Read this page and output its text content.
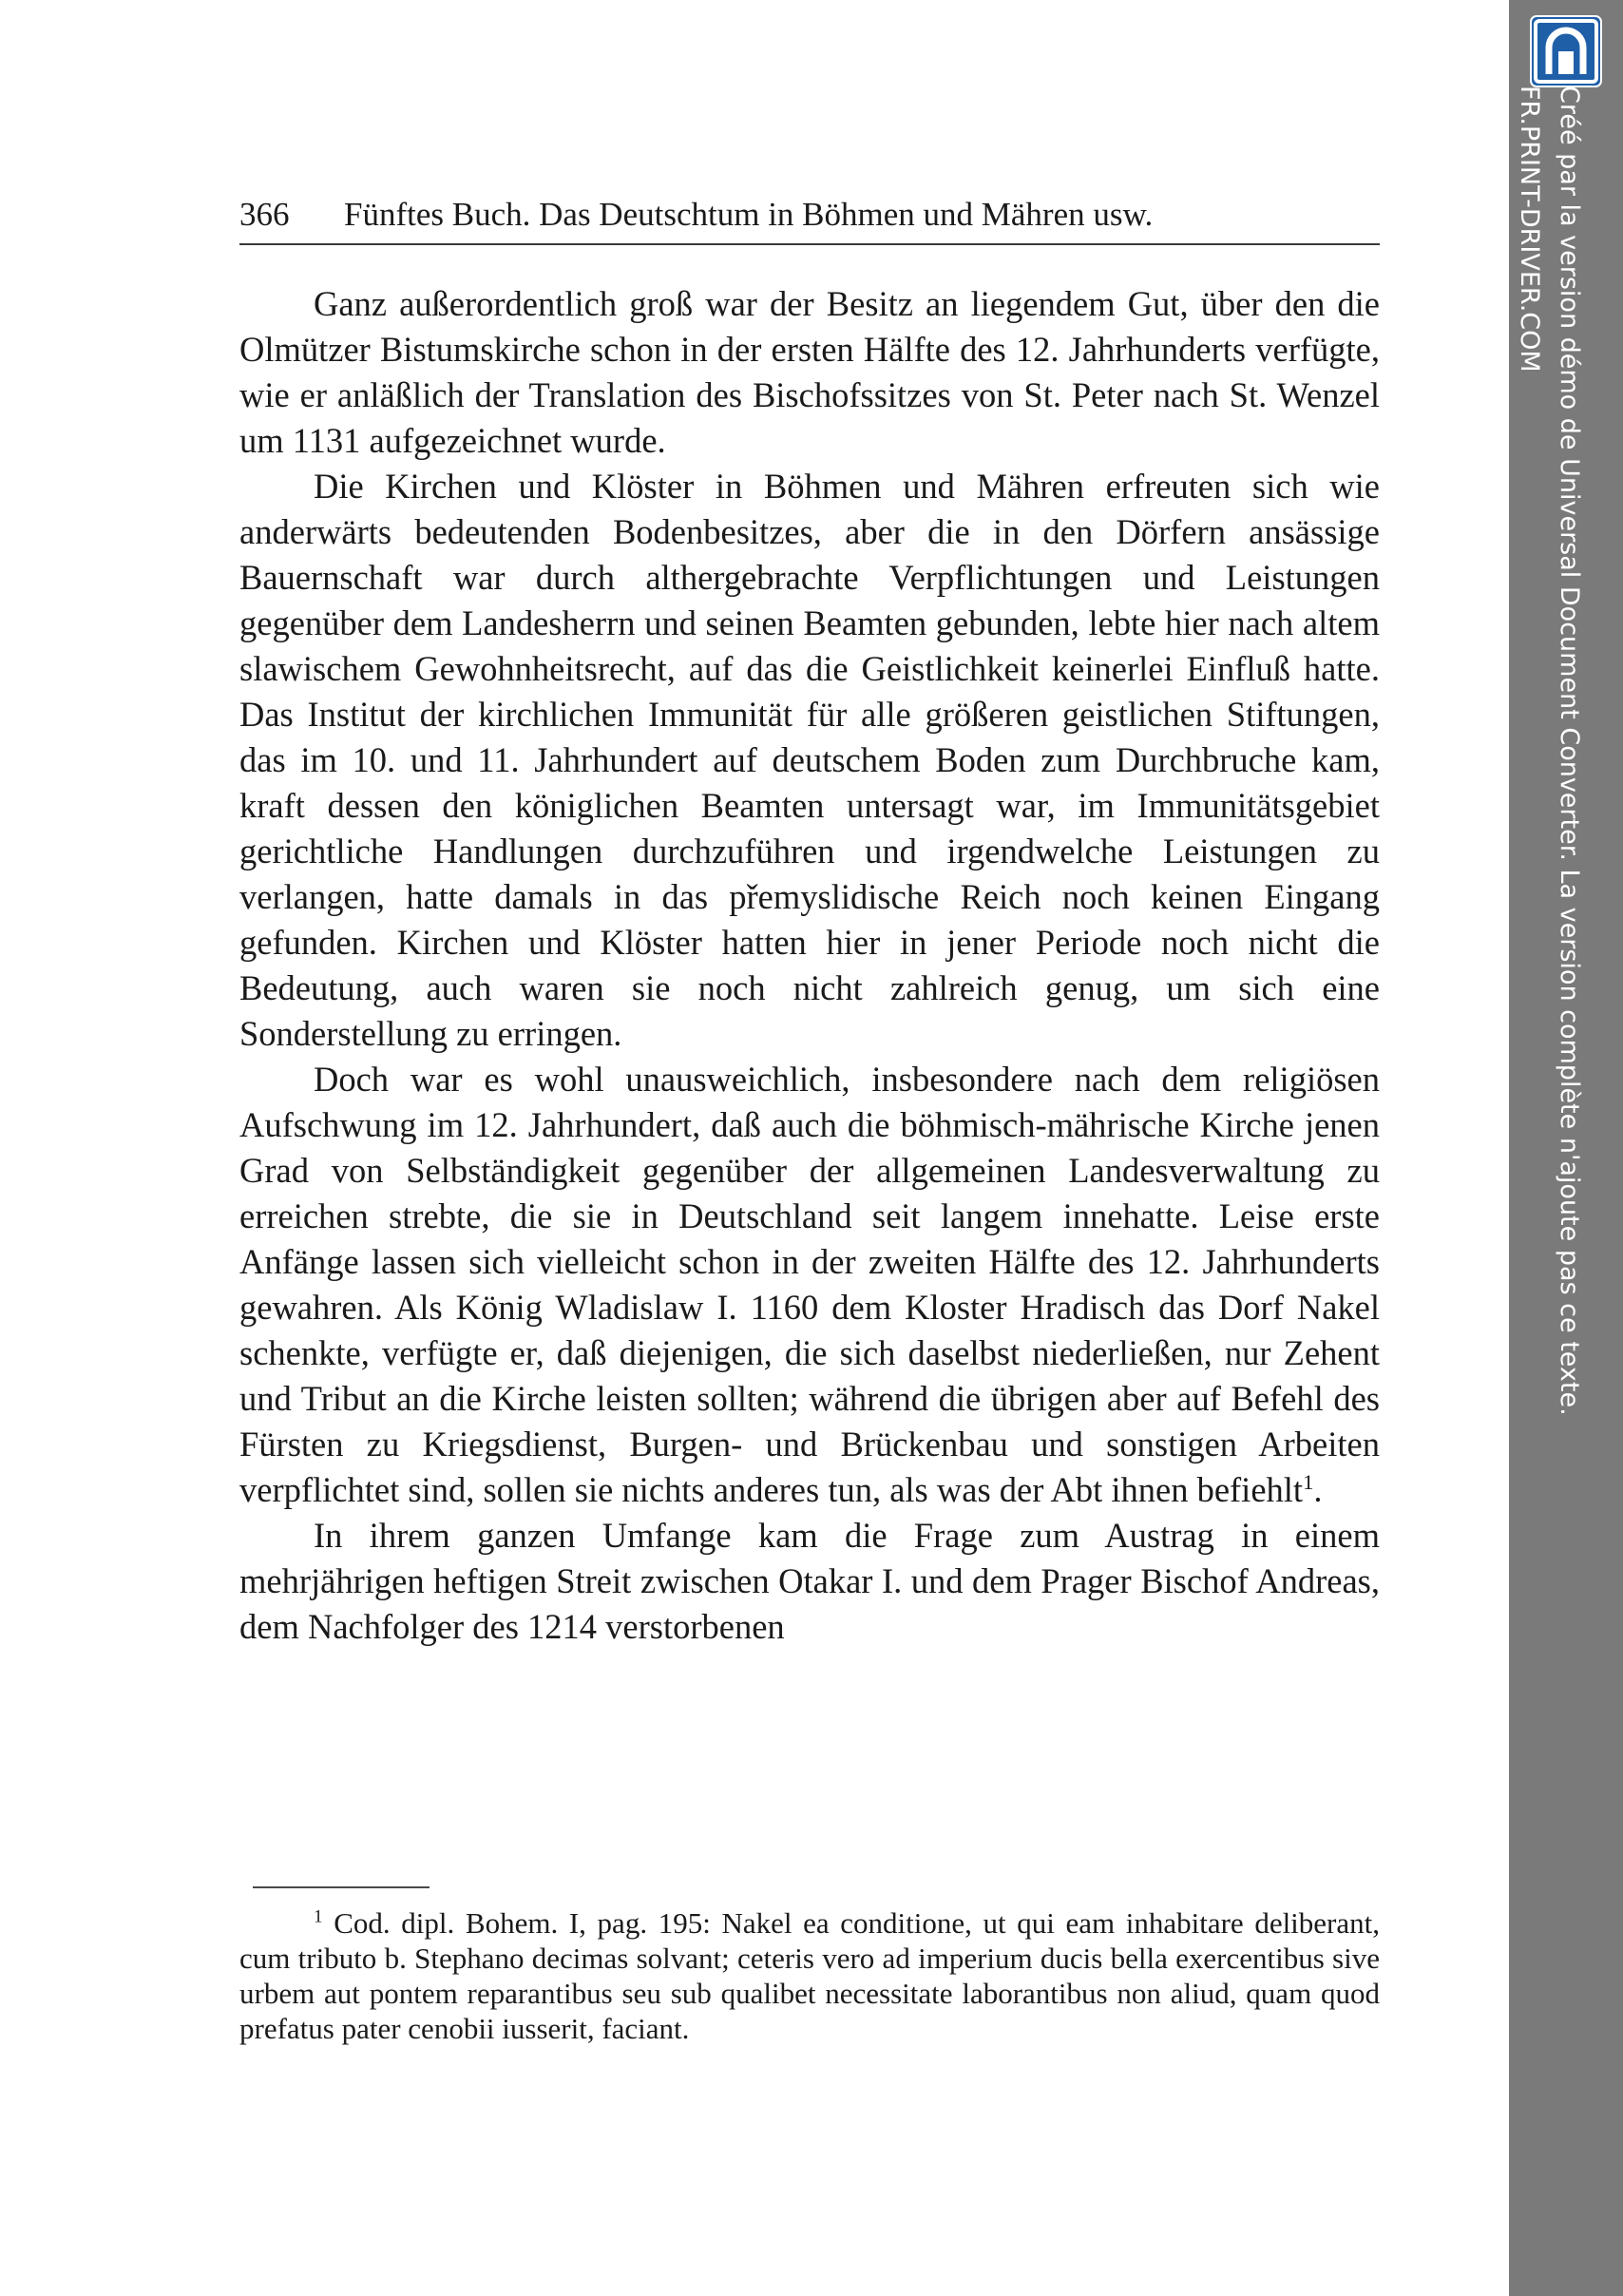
366 Fünftes Buch. Das Deutschtum in Böhmen und Mähren usw.

Ganz außerordentlich groß war der Besitz an liegendem Gut, über den die Olmützer Bistumskirche schon in der ersten Hälfte des 12. Jahrhunderts verfügte, wie er anläßlich der Translation des Bischofssitzes von St. Peter nach St. Wenzel um 1131 aufgezeichnet wurde.

Die Kirchen und Klöster in Böhmen und Mähren erfreuten sich wie anderwärts bedeutenden Bodenbesitzes, aber die in den Dörfern ansässige Bauernschaft war durch althergebrachte Verpflichtungen und Leistungen gegenüber dem Landesherrn und seinen Beamten gebunden, lebte hier nach altem slawischem Gewohnheitsrecht, auf das die Geistlichkeit keinerlei Einfluß hatte. Das Institut der kirchlichen Immunität für alle größeren geistlichen Stiftungen, das im 10. und 11. Jahrhundert auf deutschem Boden zum Durchbruche kam, kraft dessen den königlichen Beamten untersagt war, im Immunitätsgebiet gerichtliche Handlungen durchzuführen und irgendwelche Leistungen zu verlangen, hatte damals in das přemyslidische Reich noch keinen Eingang gefunden. Kirchen und Klöster hatten hier in jener Periode noch nicht die Bedeutung, auch waren sie noch nicht zahlreich genug, um sich eine Sonderstellung zu erringen.

Doch war es wohl unausweichlich, insbesondere nach dem religiösen Aufschwung im 12. Jahrhundert, daß auch die böhmisch-mährische Kirche jenen Grad von Selbständigkeit gegenüber der allgemeinen Landesverwaltung zu erreichen strebte, die sie in Deutschland seit langem innehatte. Leise erste Anfänge lassen sich vielleicht schon in der zweiten Hälfte des 12. Jahrhunderts gewahren. Als König Wladislaw I. 1160 dem Kloster Hradisch das Dorf Nakel schenkte, verfügte er, daß diejenigen, die sich daselbst niederließen, nur Zehent und Tribut an die Kirche leisten sollten; während die übrigen aber auf Befehl des Fürsten zu Kriegsdienst, Burgen- und Brückenbau und sonstigen Arbeiten verpflichtet sind, sollen sie nichts anderes tun, als was der Abt ihnen befiehlt$^1$.

In ihrem ganzen Umfange kam die Frage zum Austrag in einem mehrjährigen heftigen Streit zwischen Otakar I. und dem Prager Bischof Andreas, dem Nachfolger des 1214 verstorbenen

$^1$ Cod. dipl. Bohem. I, pag. 195: Nakel ea conditione, ut qui eam inhabitare deliberant, cum tributo b. Stephano decimas solvant; ceteris vero ad imperium ducis bella exercentibus sive urbem aut pontem reparantibus seu sub qualibet necessitate laborantibus non aliud, quam quod prefatus pater cenobii iusserit, faciant.

Créé par la version démo de Universal Document Converter. La version complète n'ajoute pas ce texte.
FR.PRINT-DRIVER.COM
